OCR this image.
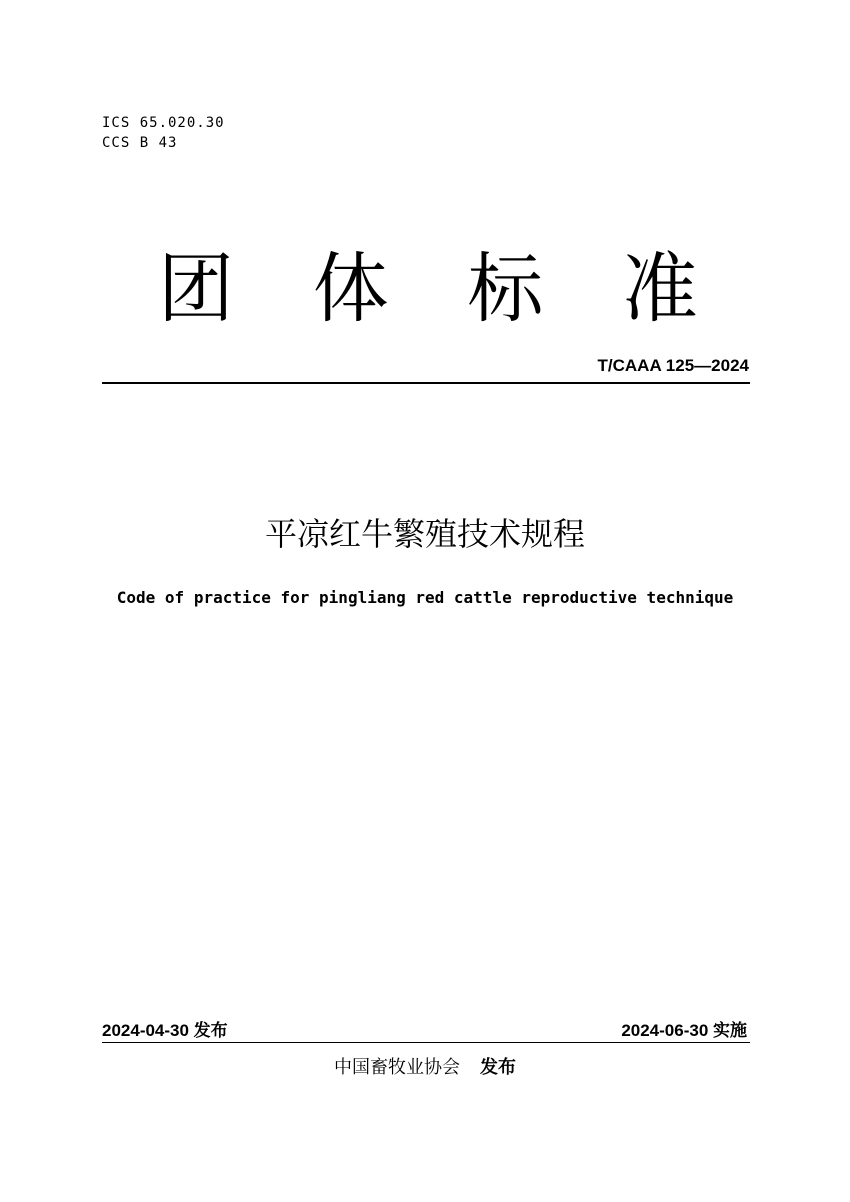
ICS 65.020.30
CCS B 43
团 体 标 准
T/CAAA 125—2024
平凉红牛繁殖技术规程
Code of practice for pingliang red cattle reproductive technique
2024-04-30 发布	2024-06-30 实施
中国畜牧业协会 发布
